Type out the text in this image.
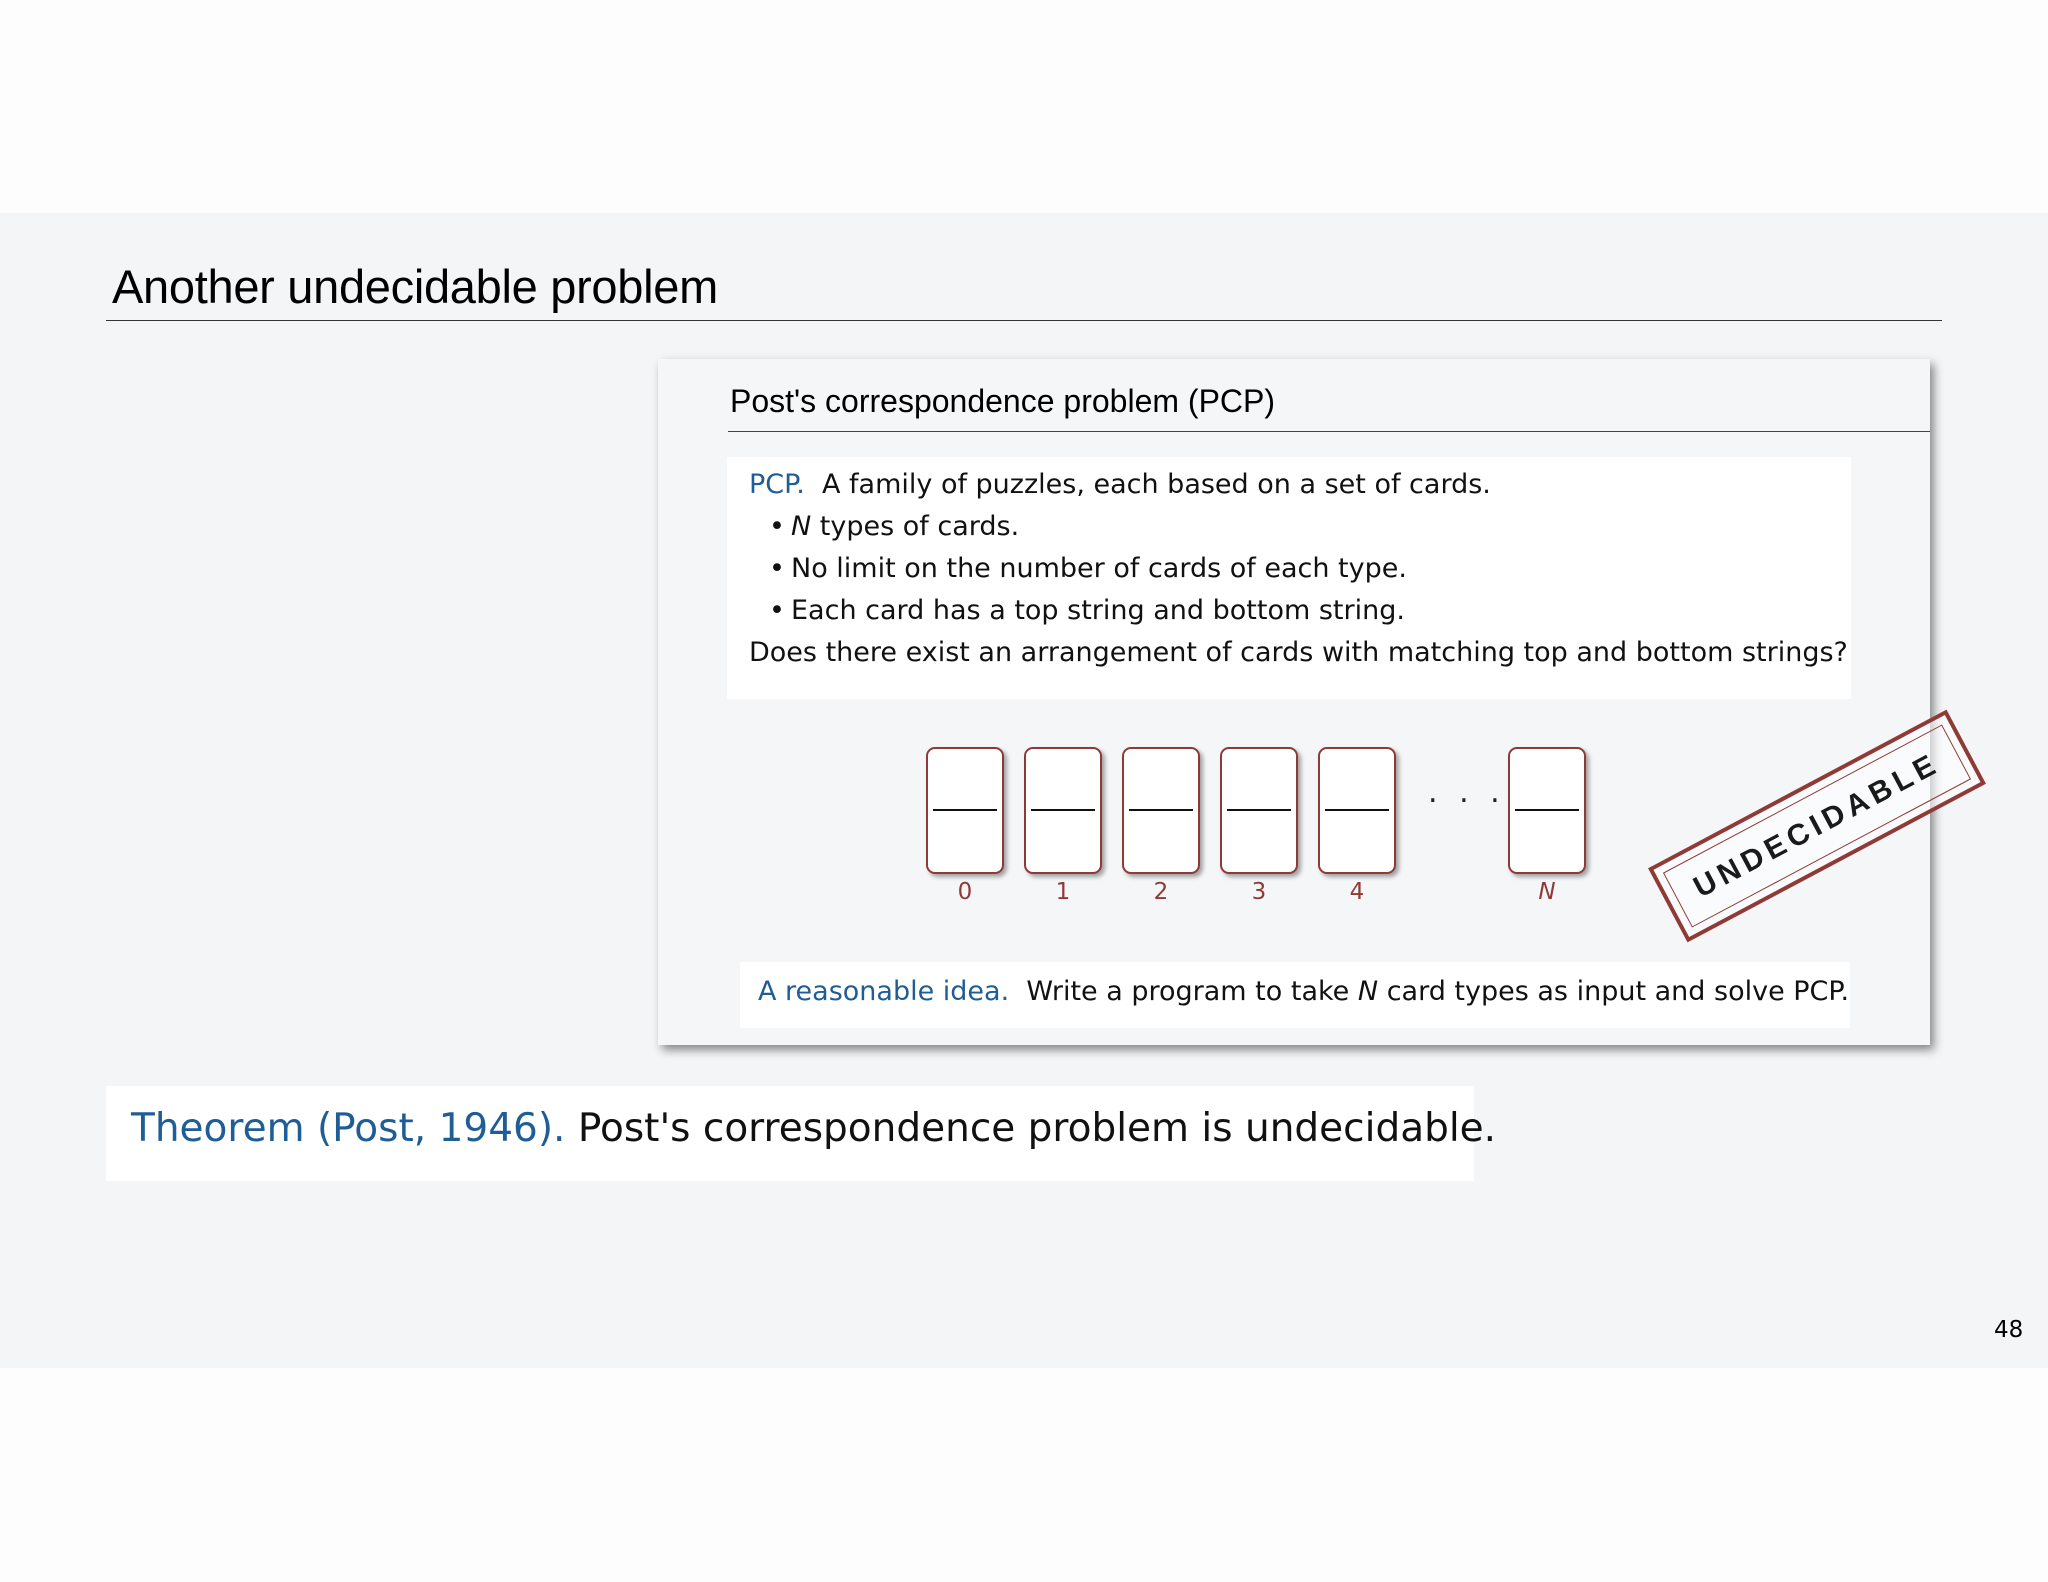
Another undecidable problem
Post's correspondence problem (PCP)
PCP. A family of puzzles, each based on a set of cards.
• N types of cards.
• No limit on the number of cards of each type.
• Each card has a top string and bottom string.
Does there exist an arrangement of cards with matching top and bottom strings?
. . .
0	1	2	3	4	N	UNDECIDABLE
A reasonable idea. Write a program to take N card types as input and solve PCP.
Theorem (Post, 1946). Post's correspondence problem is undecidable.
48
